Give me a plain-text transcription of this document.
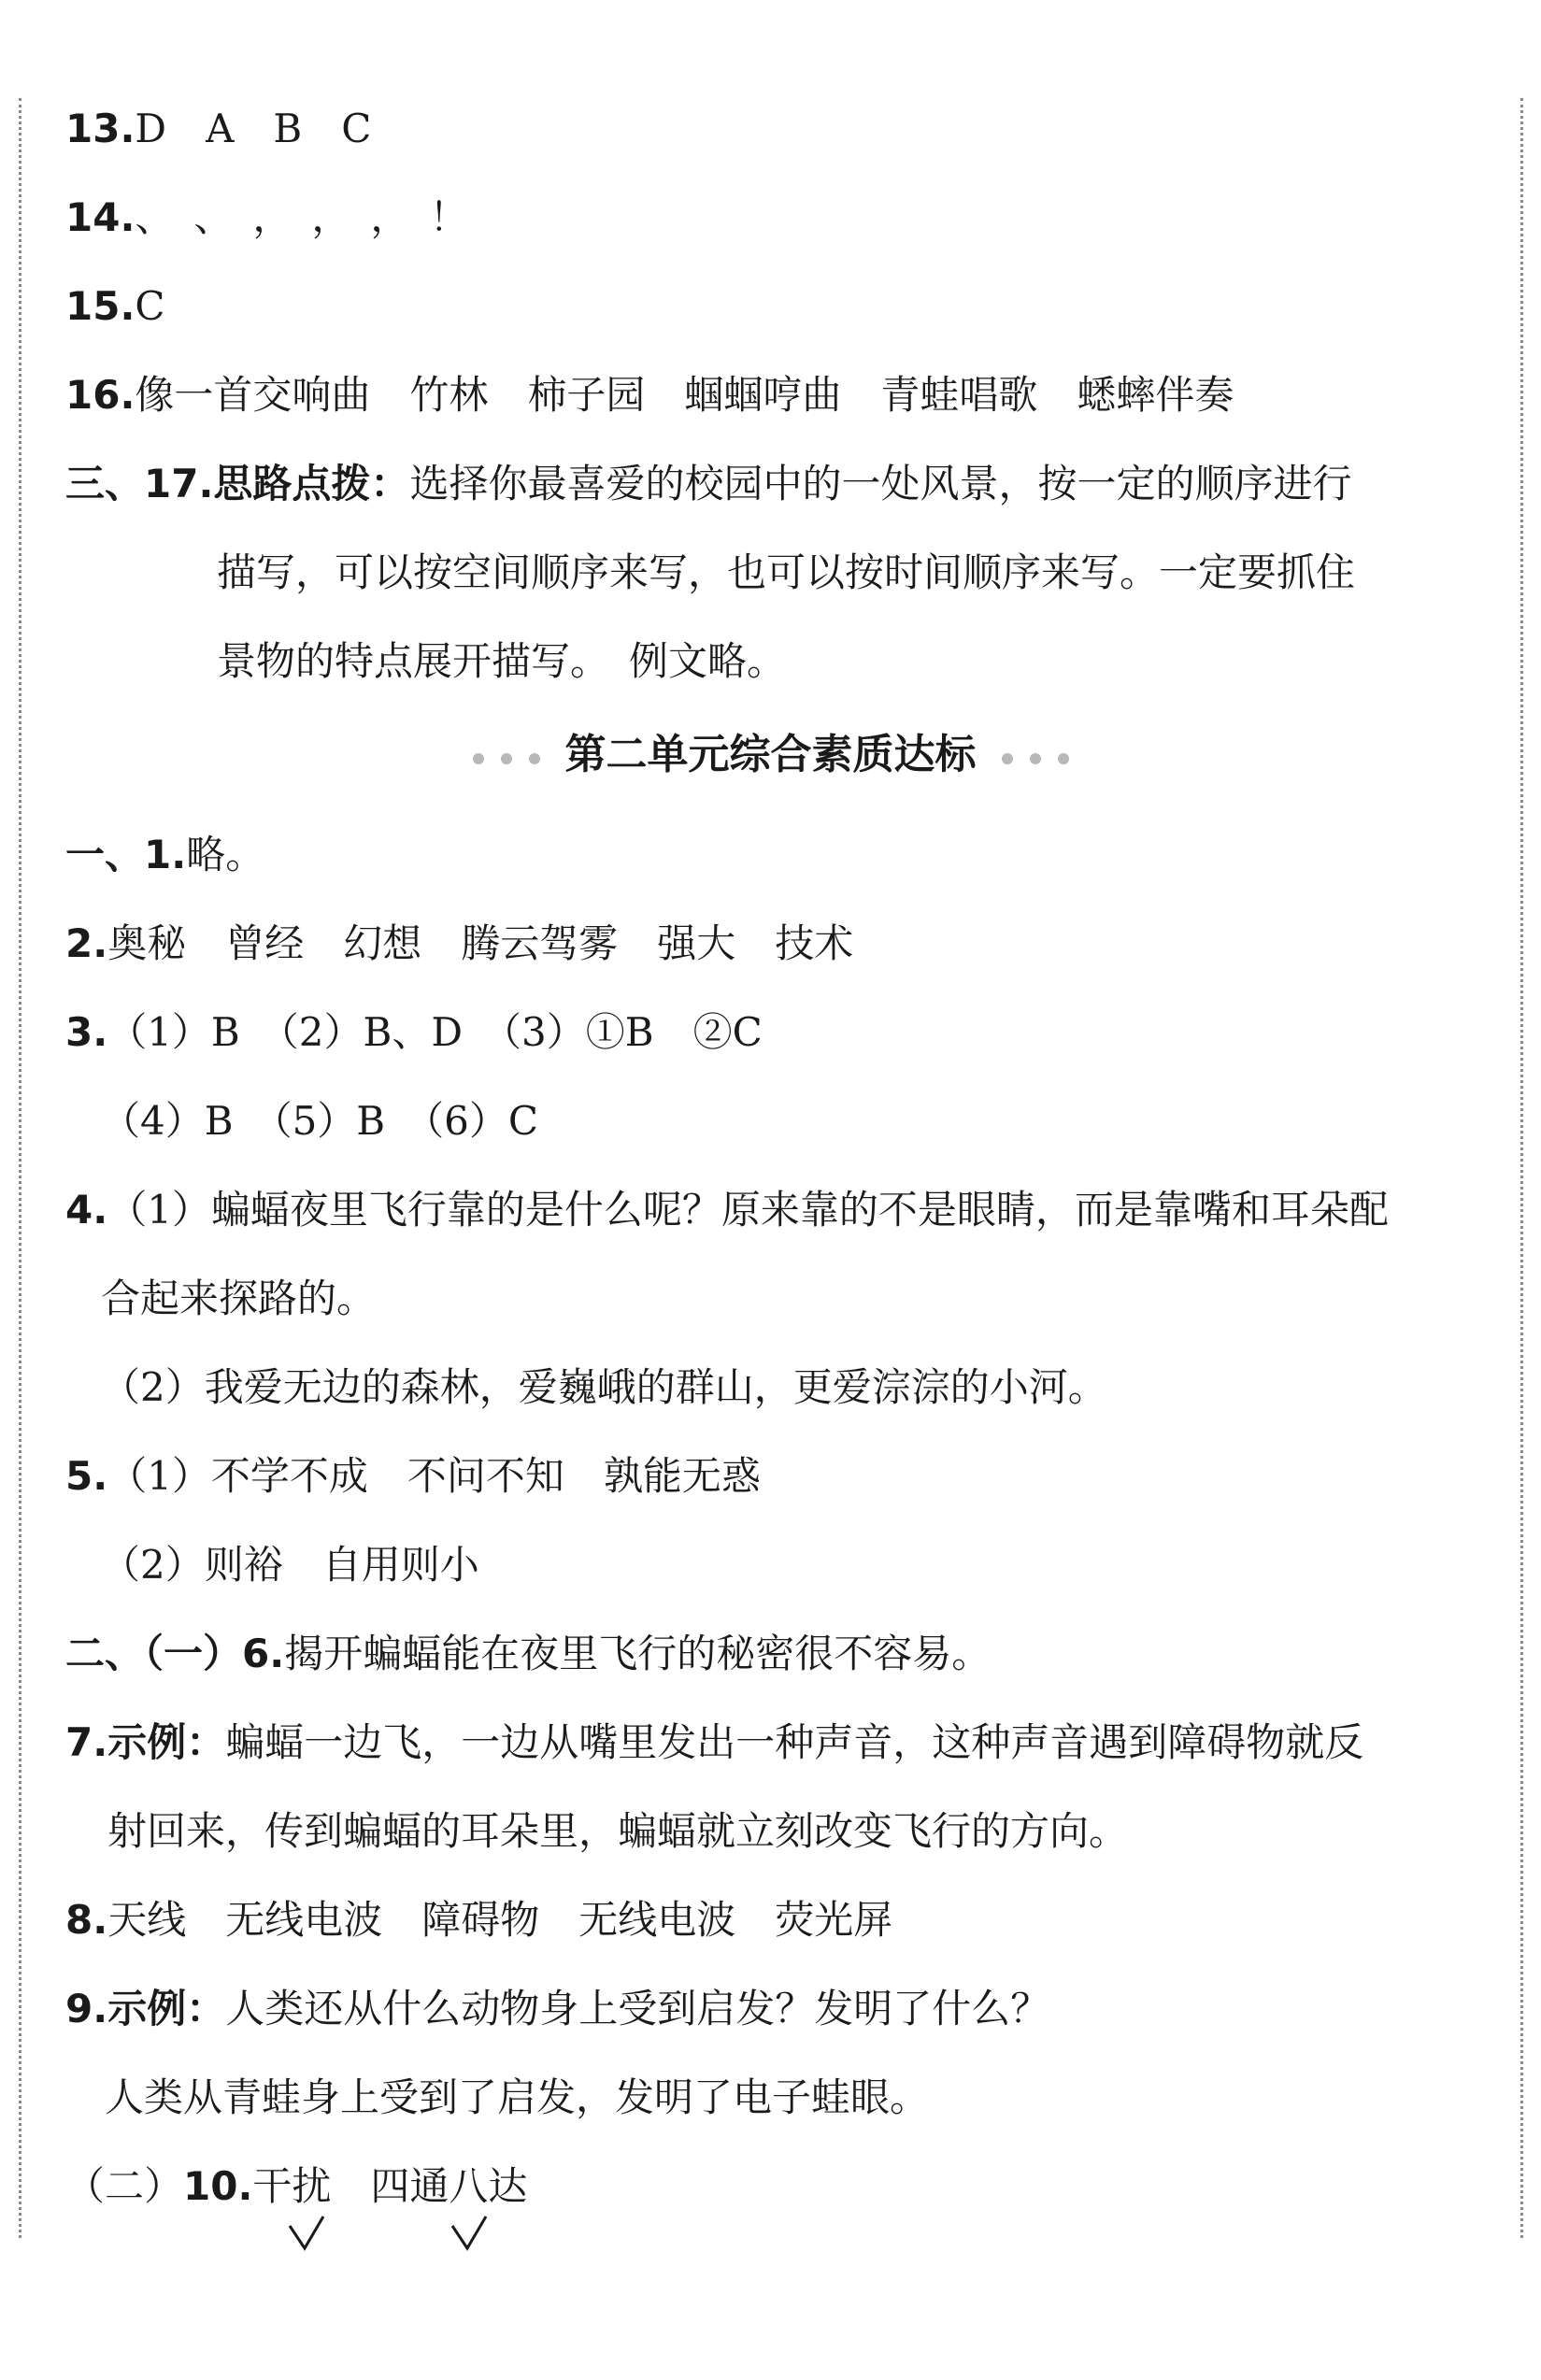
13.D　A　B　C
14.、　、　，　，　，　！
15.C
16.像一首交响曲　竹林　柿子园　蝈蝈哼曲　青蛙唱歌　蟋蟀伴奏
三、17.思路点拨：选择你最喜爱的校园中的一处风景，按一定的顺序进行
描写，可以按空间顺序来写，也可以按时间顺序来写。一定要抓住
景物的特点展开描写。　例文略。
第二单元综合素质达标
一、1.略。
2.奥秘　曾经　幻想　腾云驾雾　强大　技术
3.（1）B　（2）B、D　（3）①B　②C
（4）B　（5）B　（6）C
4.（1）蝙蝠夜里飞行靠的是什么呢？原来靠的不是眼睛，而是靠嘴和耳朵配
合起来探路的。
（2）我爱无边的森林，爱巍峨的群山，更爱淙淙的小河。
5.（1）不学不成　不问不知　孰能无惑
（2）则裕　自用则小
二、（一）6.揭开蝙蝠能在夜里飞行的秘密很不容易。
7.示例：蝙蝠一边飞，一边从嘴里发出一种声音，这种声音遇到障碍物就反
射回来，传到蝙蝠的耳朵里，蝙蝠就立刻改变飞行的方向。
8.天线　无线电波　障碍物　无线电波　荧光屏
9.示例：人类还从什么动物身上受到启发？发明了什么？
人类从青蛙身上受到了启发，发明了电子蛙眼。
（二）10.干扰　四通八达
